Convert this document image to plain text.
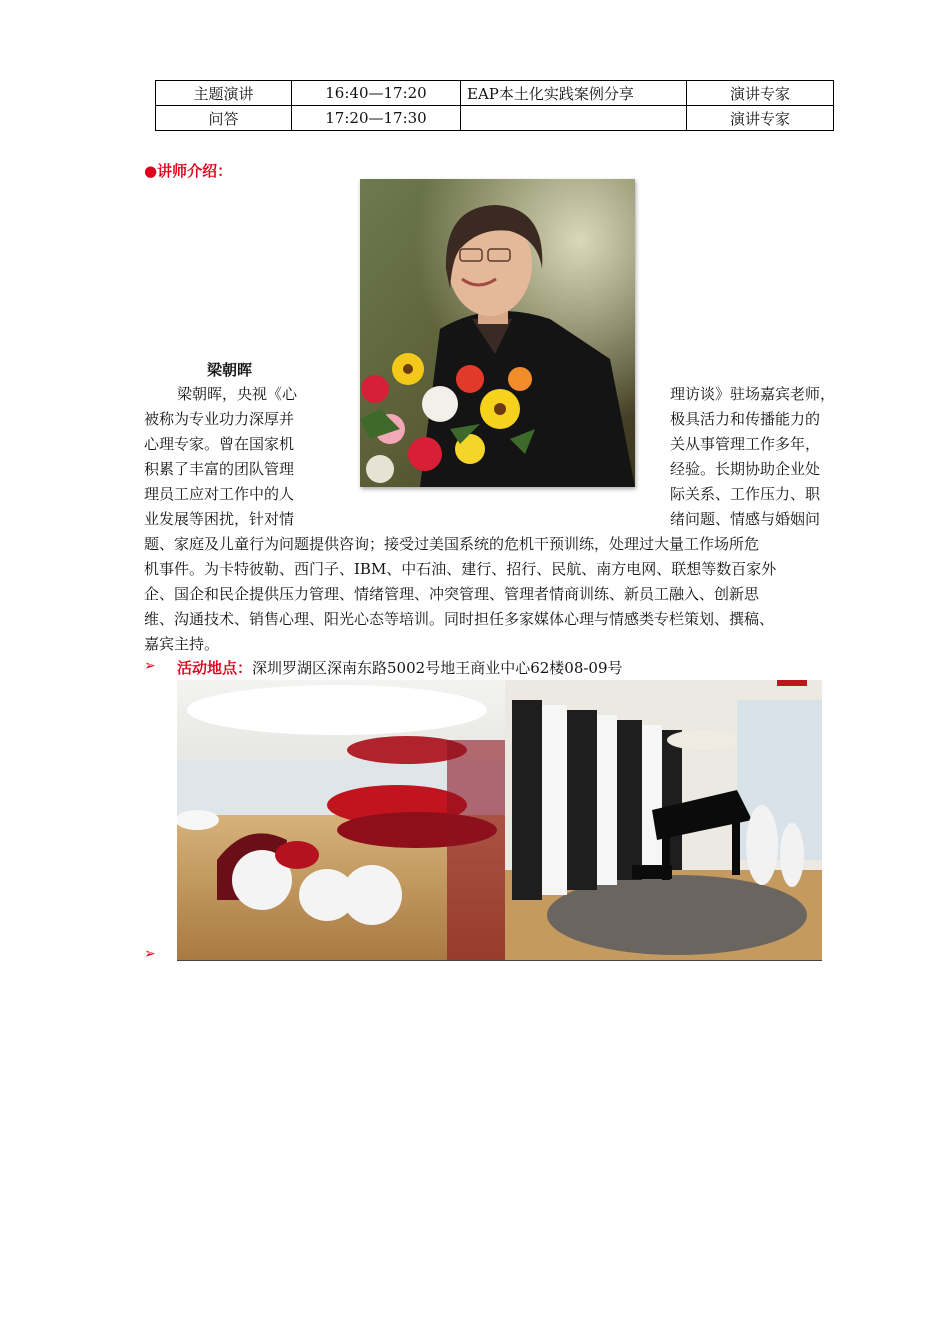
主题演讲	16:40—17:20	EAP本土化实践案例分享	演讲专家
问答	17:20—17:30		演讲专家
●讲师介绍：
梁朝晖
梁朝晖，央视《心
被称为专业功力深厚并
心理专家。曾在国家机
积累了丰富的团队管理
理员工应对工作中的人
业发展等困扰，针对情
理访谈》驻场嘉宾老师，
极具活力和传播能力的
关从事管理工作多年，
经验。长期协助企业处
际关系、工作压力、职
绪问题、情感与婚姻问
题、家庭及儿童行为问题提供咨询；接受过美国系统的危机干预训练，处理过大量工作场所危
机事件。为卡特彼勒、西门子、IBM、中石油、建行、招行、民航、南方电网、联想等数百家外
企、国企和民企提供压力管理、情绪管理、冲突管理、管理者情商训练、新员工融入、创新思
维、沟通技术、销售心理、阳光心态等培训。同时担任多家媒体心理与情感类专栏策划、撰稿、
嘉宾主持。
➢ 活动地点：深圳罗湖区深南东路5002号地王商业中心62楼08-09号
➢
